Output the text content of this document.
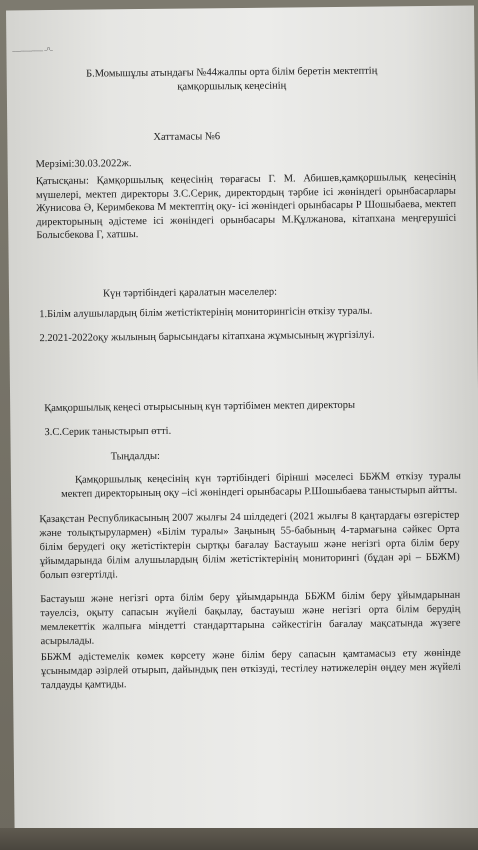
___________ _n_
Б.Момышұлы атындағы №44жалпы орта білім беретін мектептің қамқоршылық кеңесінің
Хаттамасы №6
Мерзімі:30.03.2022ж.
Қатысқаны: Қамқоршылық кеңесінің төрағасы Г. М. Абишев,қамқоршылық кеңесінің мүшелері, мектеп директоры З.С.Серик, директордың тәрбие ісі жөніндегі орынбасарлары Жунисова Ә, Керимбекова М мектептің оқу- ісі жөніндегі орынбасары Р Шошыбаева, мектеп директорының әдістеме ісі жөніндегі орынбасары М.Құлжанова, кітапхана меңгерушісі Болысбекова Г, хатшы.
Күн тәртібіндегі қаралатын мәселелер:
1.Білім алушылардың білім жетістіктерінің мониторингісін өткізу туралы.
2.2021-2022оқу жылының барысындағы кітапхана жұмысының жүргізілуі.
Қамқоршылық кеңесі отырысының күн тәртібімен мектеп директоры
З.С.Серик таныстырып өтті.
Тыңдалды:
Қамқоршылық кеңесінің күн тәртібіндегі бірінші мәселесі ББЖМ өткізу туралы мектеп директорының оқу –ісі жөніндегі орынбасары Р.Шошыбаева таныстырып айтты.
Қазақстан Республикасының 2007 жылғы 24 шілдедегі (2021 жылғы 8 қаңтардағы өзгерістер және толықтырулармен) «Білім туралы» Заңының 55-бабының 4-тармағына сәйкес Орта білім берудегі оқу жетістіктерін сыртқы бағалау Бастауыш және негізгі орта білім беру ұйымдарында білім алушылардың білім жетістіктерінің мониторингі (бұдан әрі – ББЖМ) болып өзгертілді.
Бастауыш және негізгі орта білім беру ұйымдарында ББЖМ білім беру ұйымдарынан тәуелсіз, оқыту сапасын жүйелі бақылау, бастауыш және негізгі орта білім берудің мемлекеттік жалпыға міндетті стандарттарына сәйкестігін бағалау мақсатында жүзеге асырылады.
ББЖМ әдістемелік көмек көрсету және білім беру сапасын қамтамасыз ету жөнінде ұсынымдар әзірлей отырып, дайындық пен өткізуді, тестілеу нәтижелерін өңдеу мен жүйелі талдауды қамтиды.
